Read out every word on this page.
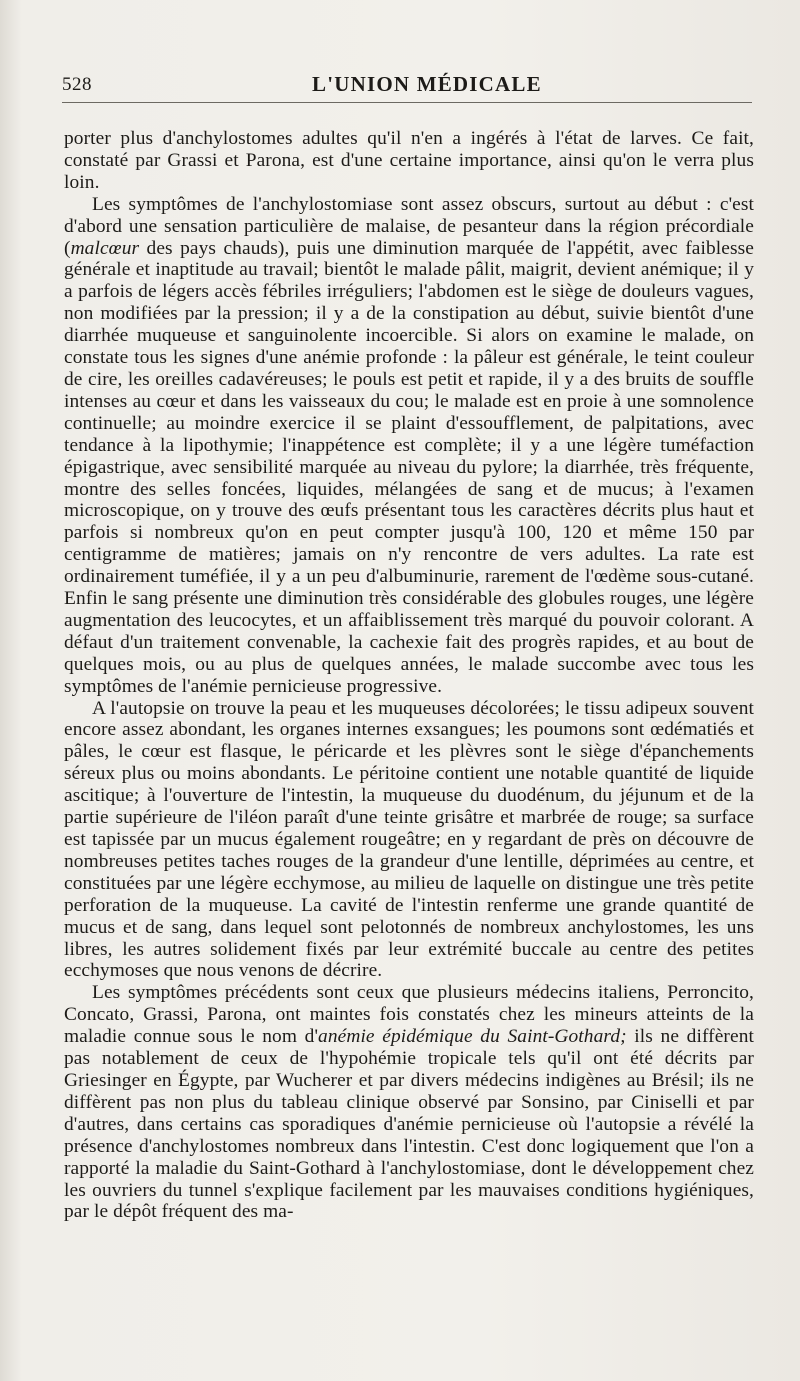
528	L'UNION MÉDICALE

porter plus d'anchylostomes adultes qu'il n'en a ingérés à l'état de larves. Ce fait, constaté par Grassi et Parona, est d'une certaine importance, ainsi qu'on le verra plus loin.

Les symptômes de l'anchylostomiase sont assez obscurs, surtout au début : c'est d'abord une sensation particulière de malaise, de pesanteur dans la région précordiale (malcœur des pays chauds), puis une diminution marquée de l'appétit, avec faiblesse générale et inaptitude au travail; bientôt le malade pâlit, maigrit, devient anémique; il y a parfois de légers accès fébriles irréguliers; l'abdomen est le siège de douleurs vagues, non modifiées par la pression; il y a de la constipation au début, suivie bientôt d'une diarrhée muqueuse et sanguinolente incoercible. Si alors on examine le malade, on constate tous les signes d'une anémie profonde : la pâleur est générale, le teint couleur de cire, les oreilles cadavéreuses; le pouls est petit et rapide, il y a des bruits de souffle intenses au cœur et dans les vaisseaux du cou; le malade est en proie à une somnolence continuelle; au moindre exercice il se plaint d'essoufflement, de palpitations, avec tendance à la lipothymie; l'inappétence est complète; il y a une légère tuméfaction épigastrique, avec sensibilité marquée au niveau du pylore; la diarrhée, très fréquente, montre des selles foncées, liquides, mélangées de sang et de mucus; à l'examen microscopique, on y trouve des œufs présentant tous les caractères décrits plus haut et parfois si nombreux qu'on en peut compter jusqu'à 100, 120 et même 150 par centigramme de matières; jamais on n'y rencontre de vers adultes. La rate est ordinairement tuméfiée, il y a un peu d'albuminurie, rarement de l'œdème sous-cutané. Enfin le sang présente une diminution très considérable des globules rouges, une légère augmentation des leucocytes, et un affaiblissement très marqué du pouvoir colorant. A défaut d'un traitement convenable, la cachexie fait des progrès rapides, et au bout de quelques mois, ou au plus de quelques années, le malade succombe avec tous les symptômes de l'anémie pernicieuse progressive.

A l'autopsie on trouve la peau et les muqueuses décolorées; le tissu adipeux souvent encore assez abondant, les organes internes exsangues; les poumons sont œdématiés et pâles, le cœur est flasque, le péricarde et les plèvres sont le siège d'épanchements séreux plus ou moins abondants. Le péritoine contient une notable quantité de liquide ascitique; à l'ouverture de l'intestin, la muqueuse du duodénum, du jéjunum et de la partie supérieure de l'iléon paraît d'une teinte grisâtre et marbrée de rouge; sa surface est tapissée par un mucus également rougeâtre; en y regardant de près on découvre de nombreuses petites taches rouges de la grandeur d'une lentille, déprimées au centre, et constituées par une légère ecchymose, au milieu de laquelle on distingue une très petite perforation de la muqueuse. La cavité de l'intestin renferme une grande quantité de mucus et de sang, dans lequel sont pelotonnés de nombreux anchylostomes, les uns libres, les autres solidement fixés par leur extrémité buccale au centre des petites ecchymoses que nous venons de décrire.

Les symptômes précédents sont ceux que plusieurs médecins italiens, Perroncito, Concato, Grassi, Parona, ont maintes fois constatés chez les mineurs atteints de la maladie connue sous le nom d'anémie épidémique du Saint-Gothard; ils ne diffèrent pas notablement de ceux de l'hypohémie tropicale tels qu'il ont été décrits par Griesinger en Égypte, par Wucherer et par divers médecins indigènes au Brésil; ils ne diffèrent pas non plus du tableau clinique observé par Sonsino, par Ciniselli et par d'autres, dans certains cas sporadiques d'anémie pernicieuse où l'autopsie a révélé la présence d'anchylostomes nombreux dans l'intestin. C'est donc logiquement que l'on a rapporté la maladie du Saint-Gothard à l'anchylostomiase, dont le développement chez les ouvriers du tunnel s'explique facilement par les mauvaises conditions hygiéniques, par le dépôt fréquent des ma-
